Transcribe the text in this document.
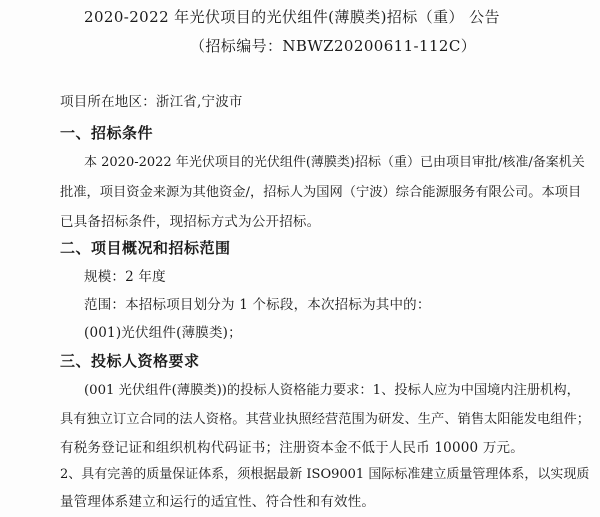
2020-2022 年光伏项目的光伏组件(薄膜类)招标（重） 公告
（招标编号：NBWZ20200611-112C）
项目所在地区：浙江省,宁波市
一、招标条件
本 2020-2022 年光伏项目的光伏组件(薄膜类)招标（重）已由项目审批/核准/备案机关
批准，项目资金来源为其他资金/，招标人为国网（宁波）综合能源服务有限公司。本项目
已具备招标条件，现招标方式为公开招标。
二、项目概况和招标范围
规模：2 年度
范围：本招标项目划分为 1 个标段，本次招标为其中的：
(001)光伏组件(薄膜类)；
三、投标人资格要求
(001 光伏组件(薄膜类))的投标人资格能力要求：1、投标人应为中国境内注册机构，
具有独立订立合同的法人资格。其营业执照经营范围为研发、生产、销售太阳能发电组件；
有税务登记证和组织机构代码证书；注册资本金不低于人民币 10000 万元。
2、具有完善的质量保证体系，须根据最新 ISO9001 国际标准建立质量管理体系，以实现质
量管理体系建立和运行的适宜性、符合性和有效性。
